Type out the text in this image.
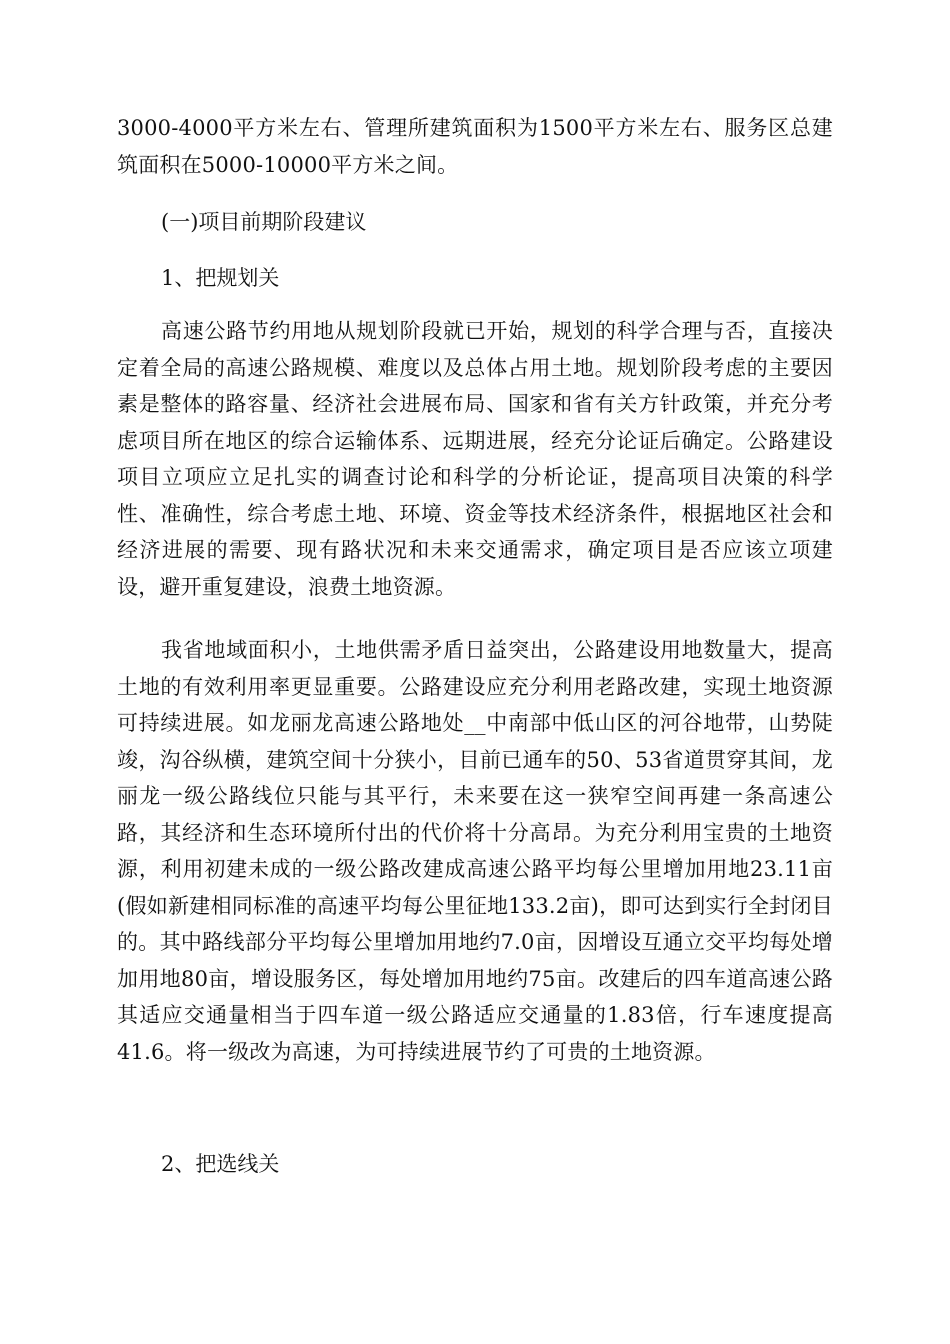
3000-4000平方米左右、管理所建筑面积为1500平方米左右、服务区总建筑面积在5000-10000平方米之间。

(一)项目前期阶段建议

1、把规划关

高速公路节约用地从规划阶段就已开始，规划的科学合理与否，直接决定着全局的高速公路规模、难度以及总体占用土地。规划阶段考虑的主要因素是整体的路容量、经济社会进展布局、国家和省有关方针政策，并充分考虑项目所在地区的综合运输体系、远期进展，经充分论证后确定。公路建设项目立项应立足扎实的调查讨论和科学的分析论证，提高项目决策的科学性、准确性，综合考虑土地、环境、资金等技术经济条件，根据地区社会和经济进展的需要、现有路状况和未来交通需求，确定项目是否应该立项建设，避开重复建设，浪费土地资源。

我省地域面积小，土地供需矛盾日益突出，公路建设用地数量大，提高土地的有效利用率更显重要。公路建设应充分利用老路改建，实现土地资源可持续进展。如龙丽龙高速公路地处__中南部中低山区的河谷地带，山势陡竣，沟谷纵横，建筑空间十分狭小，目前已通车的50、53省道贯穿其间，龙丽龙一级公路线位只能与其平行，未来要在这一狭窄空间再建一条高速公路，其经济和生态环境所付出的代价将十分高昂。为充分利用宝贵的土地资源，利用初建未成的一级公路改建成高速公路平均每公里增加用地23.11亩(假如新建相同标准的高速平均每公里征地133.2亩)，即可达到实行全封闭目的。其中路线部分平均每公里增加用地约7.0亩，因增设互通立交平均每处增加用地80亩，增设服务区，每处增加用地约75亩。改建后的四车道高速公路其适应交通量相当于四车道一级公路适应交通量的1.83倍，行车速度提高41.6。将一级改为高速，为可持续进展节约了可贵的土地资源。

2、把选线关
